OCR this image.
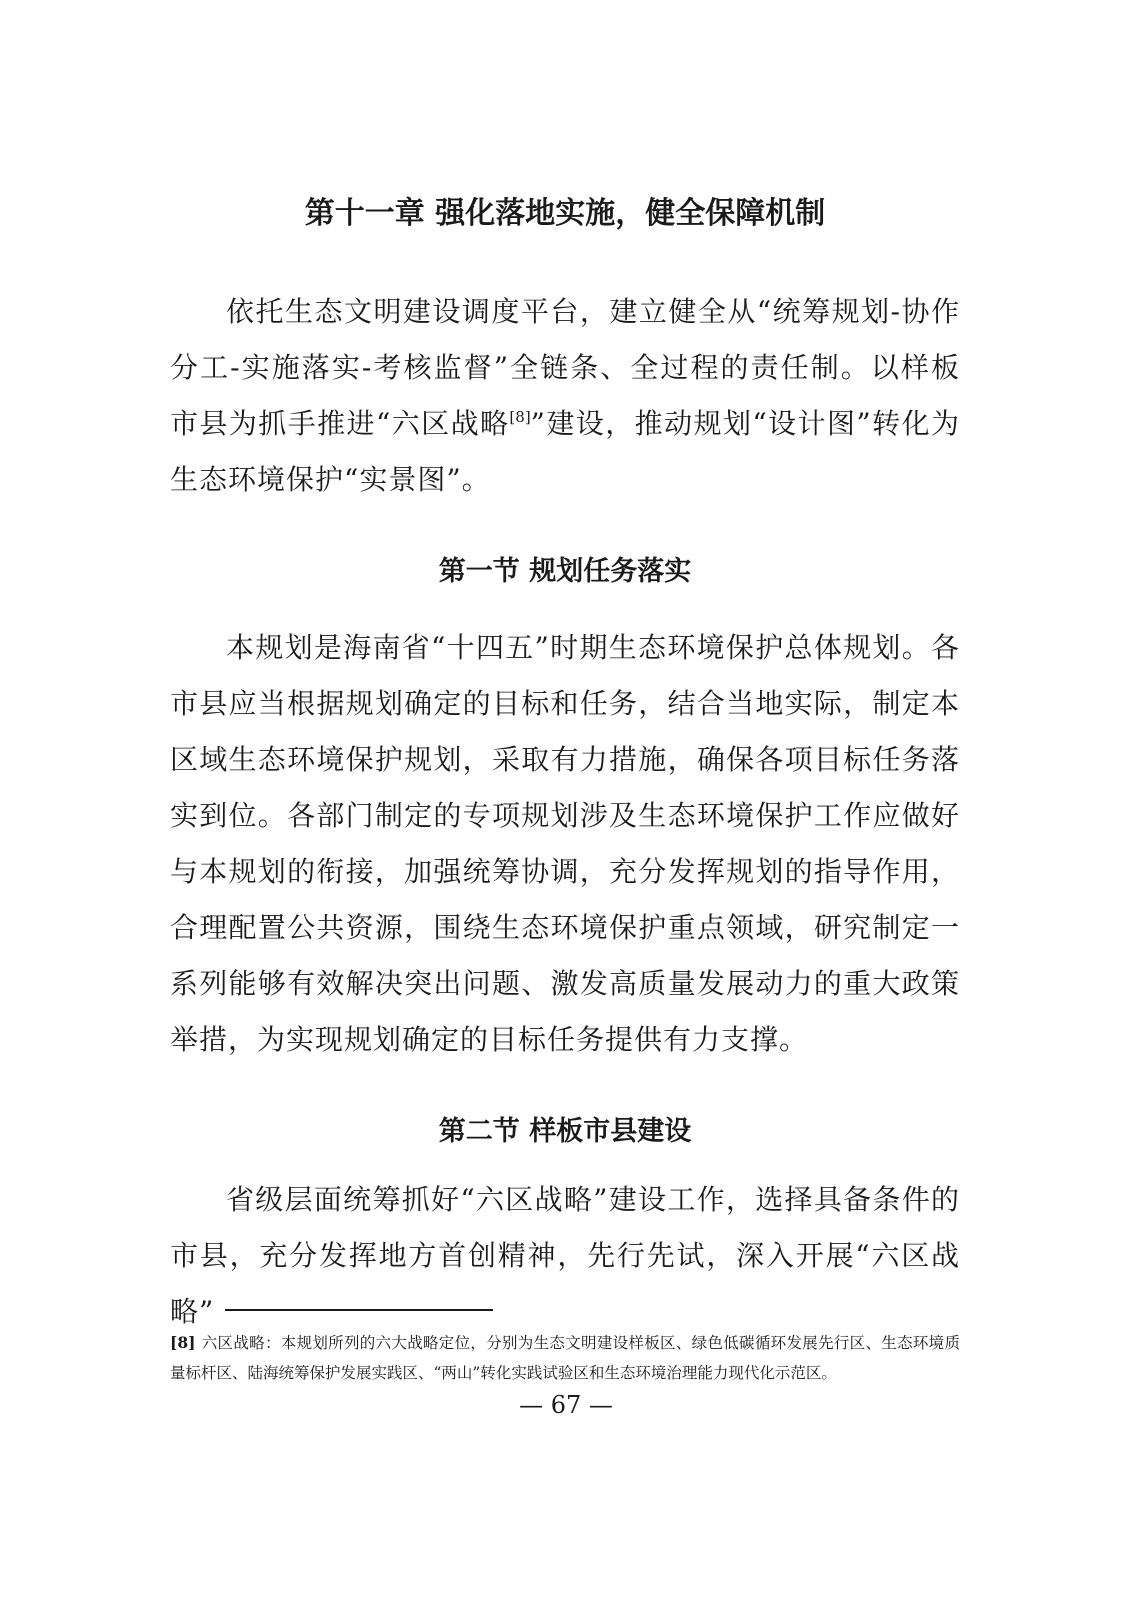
第十一章 强化落地实施，健全保障机制

依托生态文明建设调度平台，建立健全从“统筹规划-协作分工-实施落实-考核监督”全链条、全过程的责任制。以样板市县为抓手推进“六区战略[8]”建设，推动规划“设计图”转化为生态环境保护“实景图”。

第一节 规划任务落实

本规划是海南省“十四五”时期生态环境保护总体规划。各市县应当根据规划确定的目标和任务，结合当地实际，制定本区域生态环境保护规划，采取有力措施，确保各项目标任务落实到位。各部门制定的专项规划涉及生态环境保护工作应做好与本规划的衔接，加强统筹协调，充分发挥规划的指导作用，合理配置公共资源，围绕生态环境保护重点领域，研究制定一系列能够有效解决突出问题、激发高质量发展动力的重大政策举措，为实现规划确定的目标任务提供有力支撑。

第二节 样板市县建设

省级层面统筹抓好“六区战略”建设工作，选择具备条件的市县，充分发挥地方首创精神，先行先试，深入开展“六区战略”

[8] 六区战略：本规划所列的六大战略定位，分别为生态文明建设样板区、绿色低碳循环发展先行区、生态环境质量标杆区、陆海统筹保护发展实践区、“两山”转化实践试验区和生态环境治理能力现代化示范区。

— 67 —
